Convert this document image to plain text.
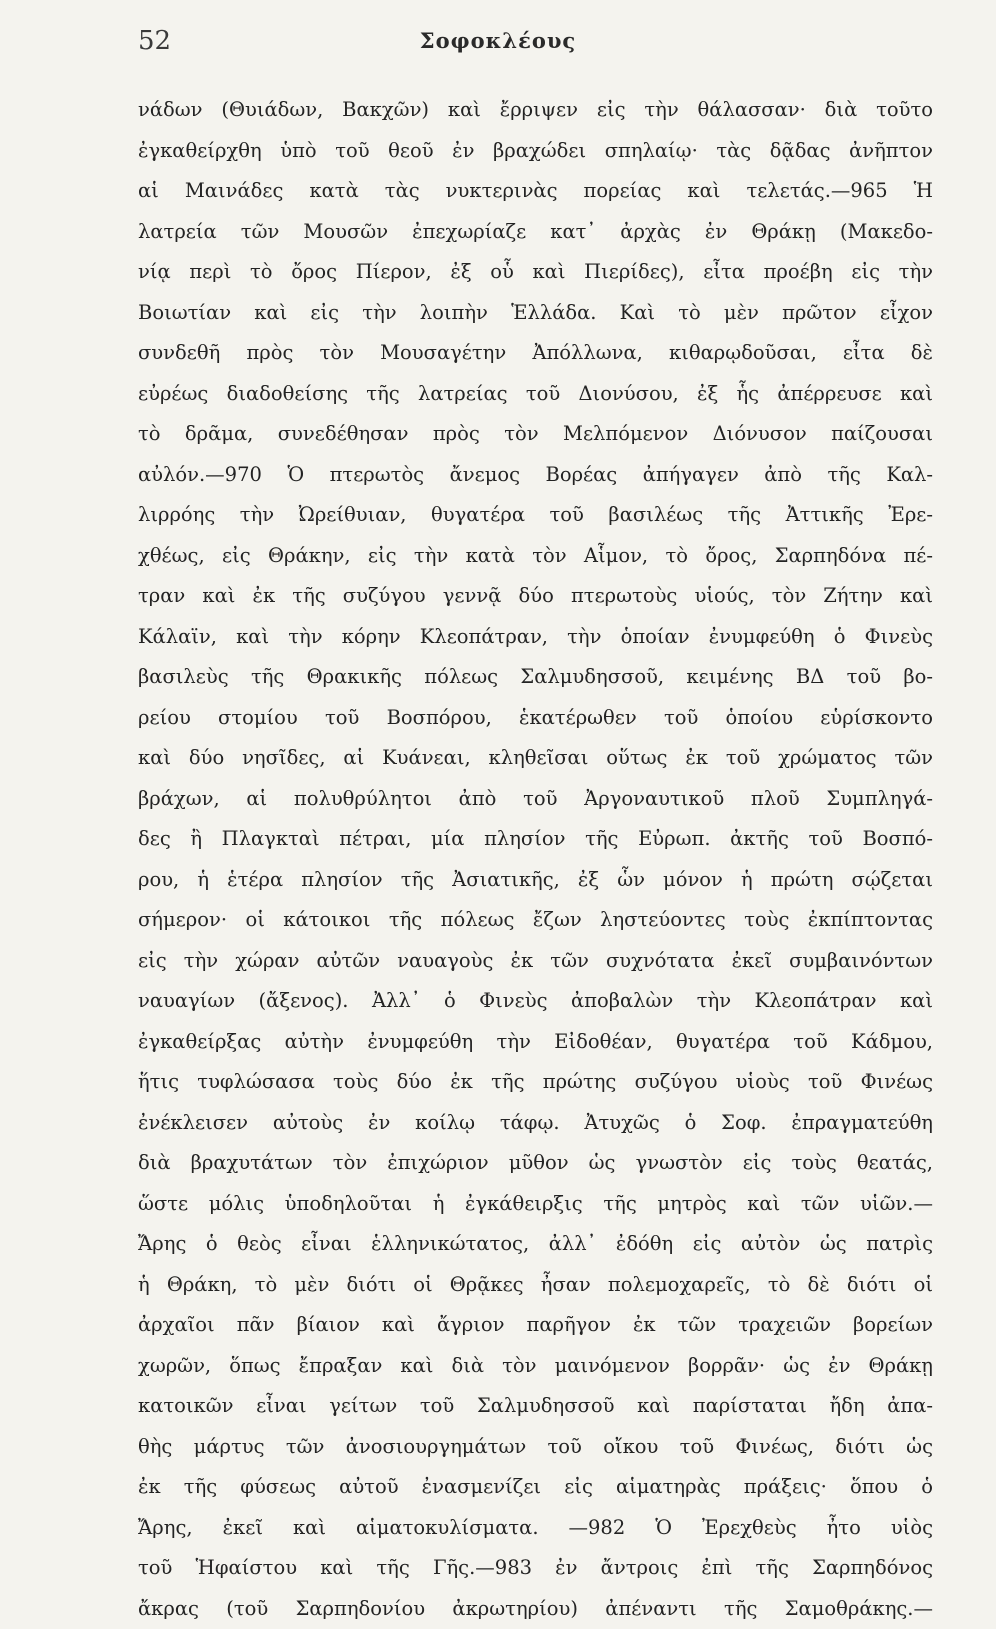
52	Σοφοκλέους
νάδων (Θυιάδων, Βακχῶν) καὶ ἔρριψεν εἰς τὴν θάλασσαν· διὰ τοῦτο
ἐγκαθείρχθη ὑπὸ τοῦ θεοῦ ἐν βραχώδει σπηλαίῳ· τὰς δᾷδας ἀνῆπτον
αἱ Μαινάδες κατὰ τὰς νυκτερινὰς πορείας καὶ τελετάς.—965 Ἡ
λατρεία τῶν Μουσῶν ἐπεχωρίαζε κατ᾽ ἀρχὰς ἐν Θράκῃ (Μακεδο-
νίᾳ περὶ τὸ ὄρος Πίερον, ἐξ οὗ καὶ Πιερίδες), εἶτα προέβη εἰς τὴν
Βοιωτίαν καὶ εἰς τὴν λοιπὴν Ἑλλάδα. Καὶ τὸ μὲν πρῶτον εἶχον
συνδεθῆ πρὸς τὸν Μουσαγέτην Ἀπόλλωνα, κιθαρῳδοῦσαι, εἶτα δὲ
εὐρέως διαδοθείσης τῆς λατρείας τοῦ Διονύσου, ἐξ ἧς ἀπέρρευσε καὶ
τὸ δρᾶμα, συνεδέθησαν πρὸς τὸν Μελπόμενον Διόνυσον παίζουσαι
αὐλόν.—970 Ὁ πτερωτὸς ἄνεμος Βορέας ἀπήγαγεν ἀπὸ τῆς Καλ-
λιρρόης τὴν Ὠρείθυιαν, θυγατέρα τοῦ βασιλέως τῆς Ἀττικῆς Ἐρε-
χθέως, εἰς Θράκην, εἰς τὴν κατὰ τὸν Αἷμον, τὸ ὄρος, Σαρπηδόνα πέ-
τραν καὶ ἐκ τῆς συζύγου γεννᾷ δύο πτερωτοὺς υἱούς, τὸν Ζήτην καὶ
Κάλαϊν, καὶ τὴν κόρην Κλεοπάτραν, τὴν ὁποίαν ἐνυμφεύθη ὁ Φινεὺς
βασιλεὺς τῆς Θρακικῆς πόλεως Σαλμυδησσοῦ, κειμένης ΒΔ τοῦ βο-
ρείου στομίου τοῦ Βοσπόρου, ἑκατέρωθεν τοῦ ὁποίου εὑρίσκοντο
καὶ δύο νησῖδες, αἱ Κυάνεαι, κληθεῖσαι οὕτως ἐκ τοῦ χρώματος τῶν
βράχων, αἱ πολυθρύλητοι ἀπὸ τοῦ Ἀργοναυτικοῦ πλοῦ Συμπληγά-
δες ἢ Πλαγκταὶ πέτραι, μία πλησίον τῆς Εὐρωπ. ἀκτῆς τοῦ Βοσπό-
ρου, ἡ ἑτέρα πλησίον τῆς Ἀσιατικῆς, ἐξ ὧν μόνον ἡ πρώτη σῴζεται
σήμερον· οἱ κάτοικοι τῆς πόλεως ἔζων ληστεύοντες τοὺς ἐκπίπτοντας
εἰς τὴν χώραν αὐτῶν ναυαγοὺς ἐκ τῶν συχνότατα ἐκεῖ συμβαινόντων
ναυαγίων (ἄξενος). Ἀλλ᾽ ὁ Φινεὺς ἀποβαλὼν τὴν Κλεοπάτραν καὶ
ἐγκαθείρξας αὐτὴν ἐνυμφεύθη τὴν Εἰδοθέαν, θυγατέρα τοῦ Κάδμου,
ἥτις τυφλώσασα τοὺς δύο ἐκ τῆς πρώτης συζύγου υἱοὺς τοῦ Φινέως
ἐνέκλεισεν αὐτοὺς ἐν κοίλῳ τάφῳ. Ἀτυχῶς ὁ Σοφ. ἐπραγματεύθη
διὰ βραχυτάτων τὸν ἐπιχώριον μῦθον ὡς γνωστὸν εἰς τοὺς θεατάς,
ὥστε μόλις ὑποδηλοῦται ἡ ἐγκάθειρξις τῆς μητρὸς καὶ τῶν υἱῶν.—
Ἄρης ὁ θεὸς εἶναι ἑλληνικώτατος, ἀλλ᾽ ἐδόθη εἰς αὐτὸν ὡς πατρὶς
ἡ Θράκη, τὸ μὲν διότι οἱ Θρᾷκες ἦσαν πολεμοχαρεῖς, τὸ δὲ διότι οἱ
ἀρχαῖοι πᾶν βίαιον καὶ ἄγριον παρῆγον ἐκ τῶν τραχειῶν βορείων
χωρῶν, ὅπως ἔπραξαν καὶ διὰ τὸν μαινόμενον βορρᾶν· ὡς ἐν Θράκῃ
κατοικῶν εἶναι γείτων τοῦ Σαλμυδησσοῦ καὶ παρίσταται ἤδη ἀπα-
θὴς μάρτυς τῶν ἀνοσιουργημάτων τοῦ οἴκου τοῦ Φινέως, διότι ὡς
ἐκ τῆς φύσεως αὐτοῦ ἐνασμενίζει εἰς αἱματηρὰς πράξεις· ὅπου ὁ
Ἄρης, ἐκεῖ καὶ αἱματοκυλίσματα. —982 Ὁ Ἐρεχθεὺς ἦτο υἱὸς
τοῦ Ἡφαίστου καὶ τῆς Γῆς.—983 ἐν ἄντροις ἐπὶ τῆς Σαρπηδόνος
ἄκρας (τοῦ Σαρπηδονίου ἀκρωτηρίου) ἀπέναντι τῆς Σαμοθράκης.—
